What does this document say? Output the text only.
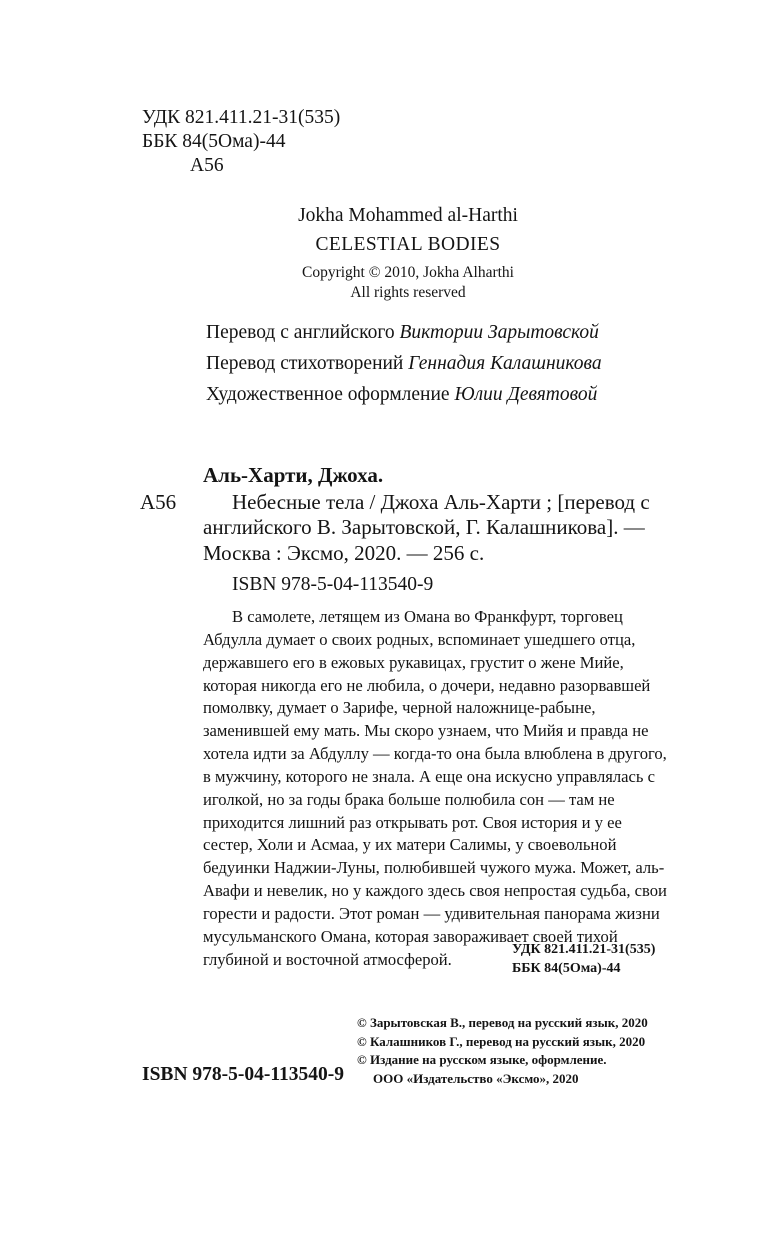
УДК 821.411.21-31(535)
ББК 84(5Ома)-44
А56
Jokha Mohammed al-Harthi
CELESTIAL BODIES
Copyright © 2010, Jokha Alharthi
All rights reserved
Перевод с английского Виктории Зарытовской
Перевод стихотворений Геннадия Калашникова
Художественное оформление Юлии Девятовой
Аль-Харти, Джоха.
А56	Небесные тела / Джоха Аль-Харти ; [перевод с
английского В. Зарытовской, Г. Калашникова]. —
Москва : Эксмо, 2020. — 256 с.
ISBN 978-5-04-113540-9

В самолете, летящем из Омана во Франкфурт, торговец Абдулла думает о своих родных, вспоминает ушедшего отца, державшего его в ежовых рукавицах, грустит о жене Мийе, которая никогда его не любила, о дочери, недавно разорвавшей помолвку, думает о Зарифе, черной наложнице-рабыне, заменившей ему мать. Мы скоро узнаем, что Мийя и правда не хотела идти за Абдуллу — когда-то она была влюблена в другого, в мужчину, которого не знала. А еще она искусно управлялась с иголкой, но за годы брака больше полюбила сон — там не приходится лишний раз открывать рот. Своя история и у ее сестер, Холи и Асмаа, у их матери Салимы, у своевольной бедуинки Наджии-Луны, полюбившей чужого мужа. Может, аль-Авафи и невелик, но у каждого здесь своя непростая судьба, свои горести и радости. Этот роман — удивительная панорама жизни мусульманского Омана, которая завораживает своей тихой глубиной и восточной атмосферой.

УДК 821.411.21-31(535)
ББК 84(5Ома)-44
© Зарытовская В., перевод на русский язык, 2020
© Калашников Г., перевод на русский язык, 2020
© Издание на русском языке, оформление.
ООО «Издательство «Эксмо», 2020
ISBN 978-5-04-113540-9
